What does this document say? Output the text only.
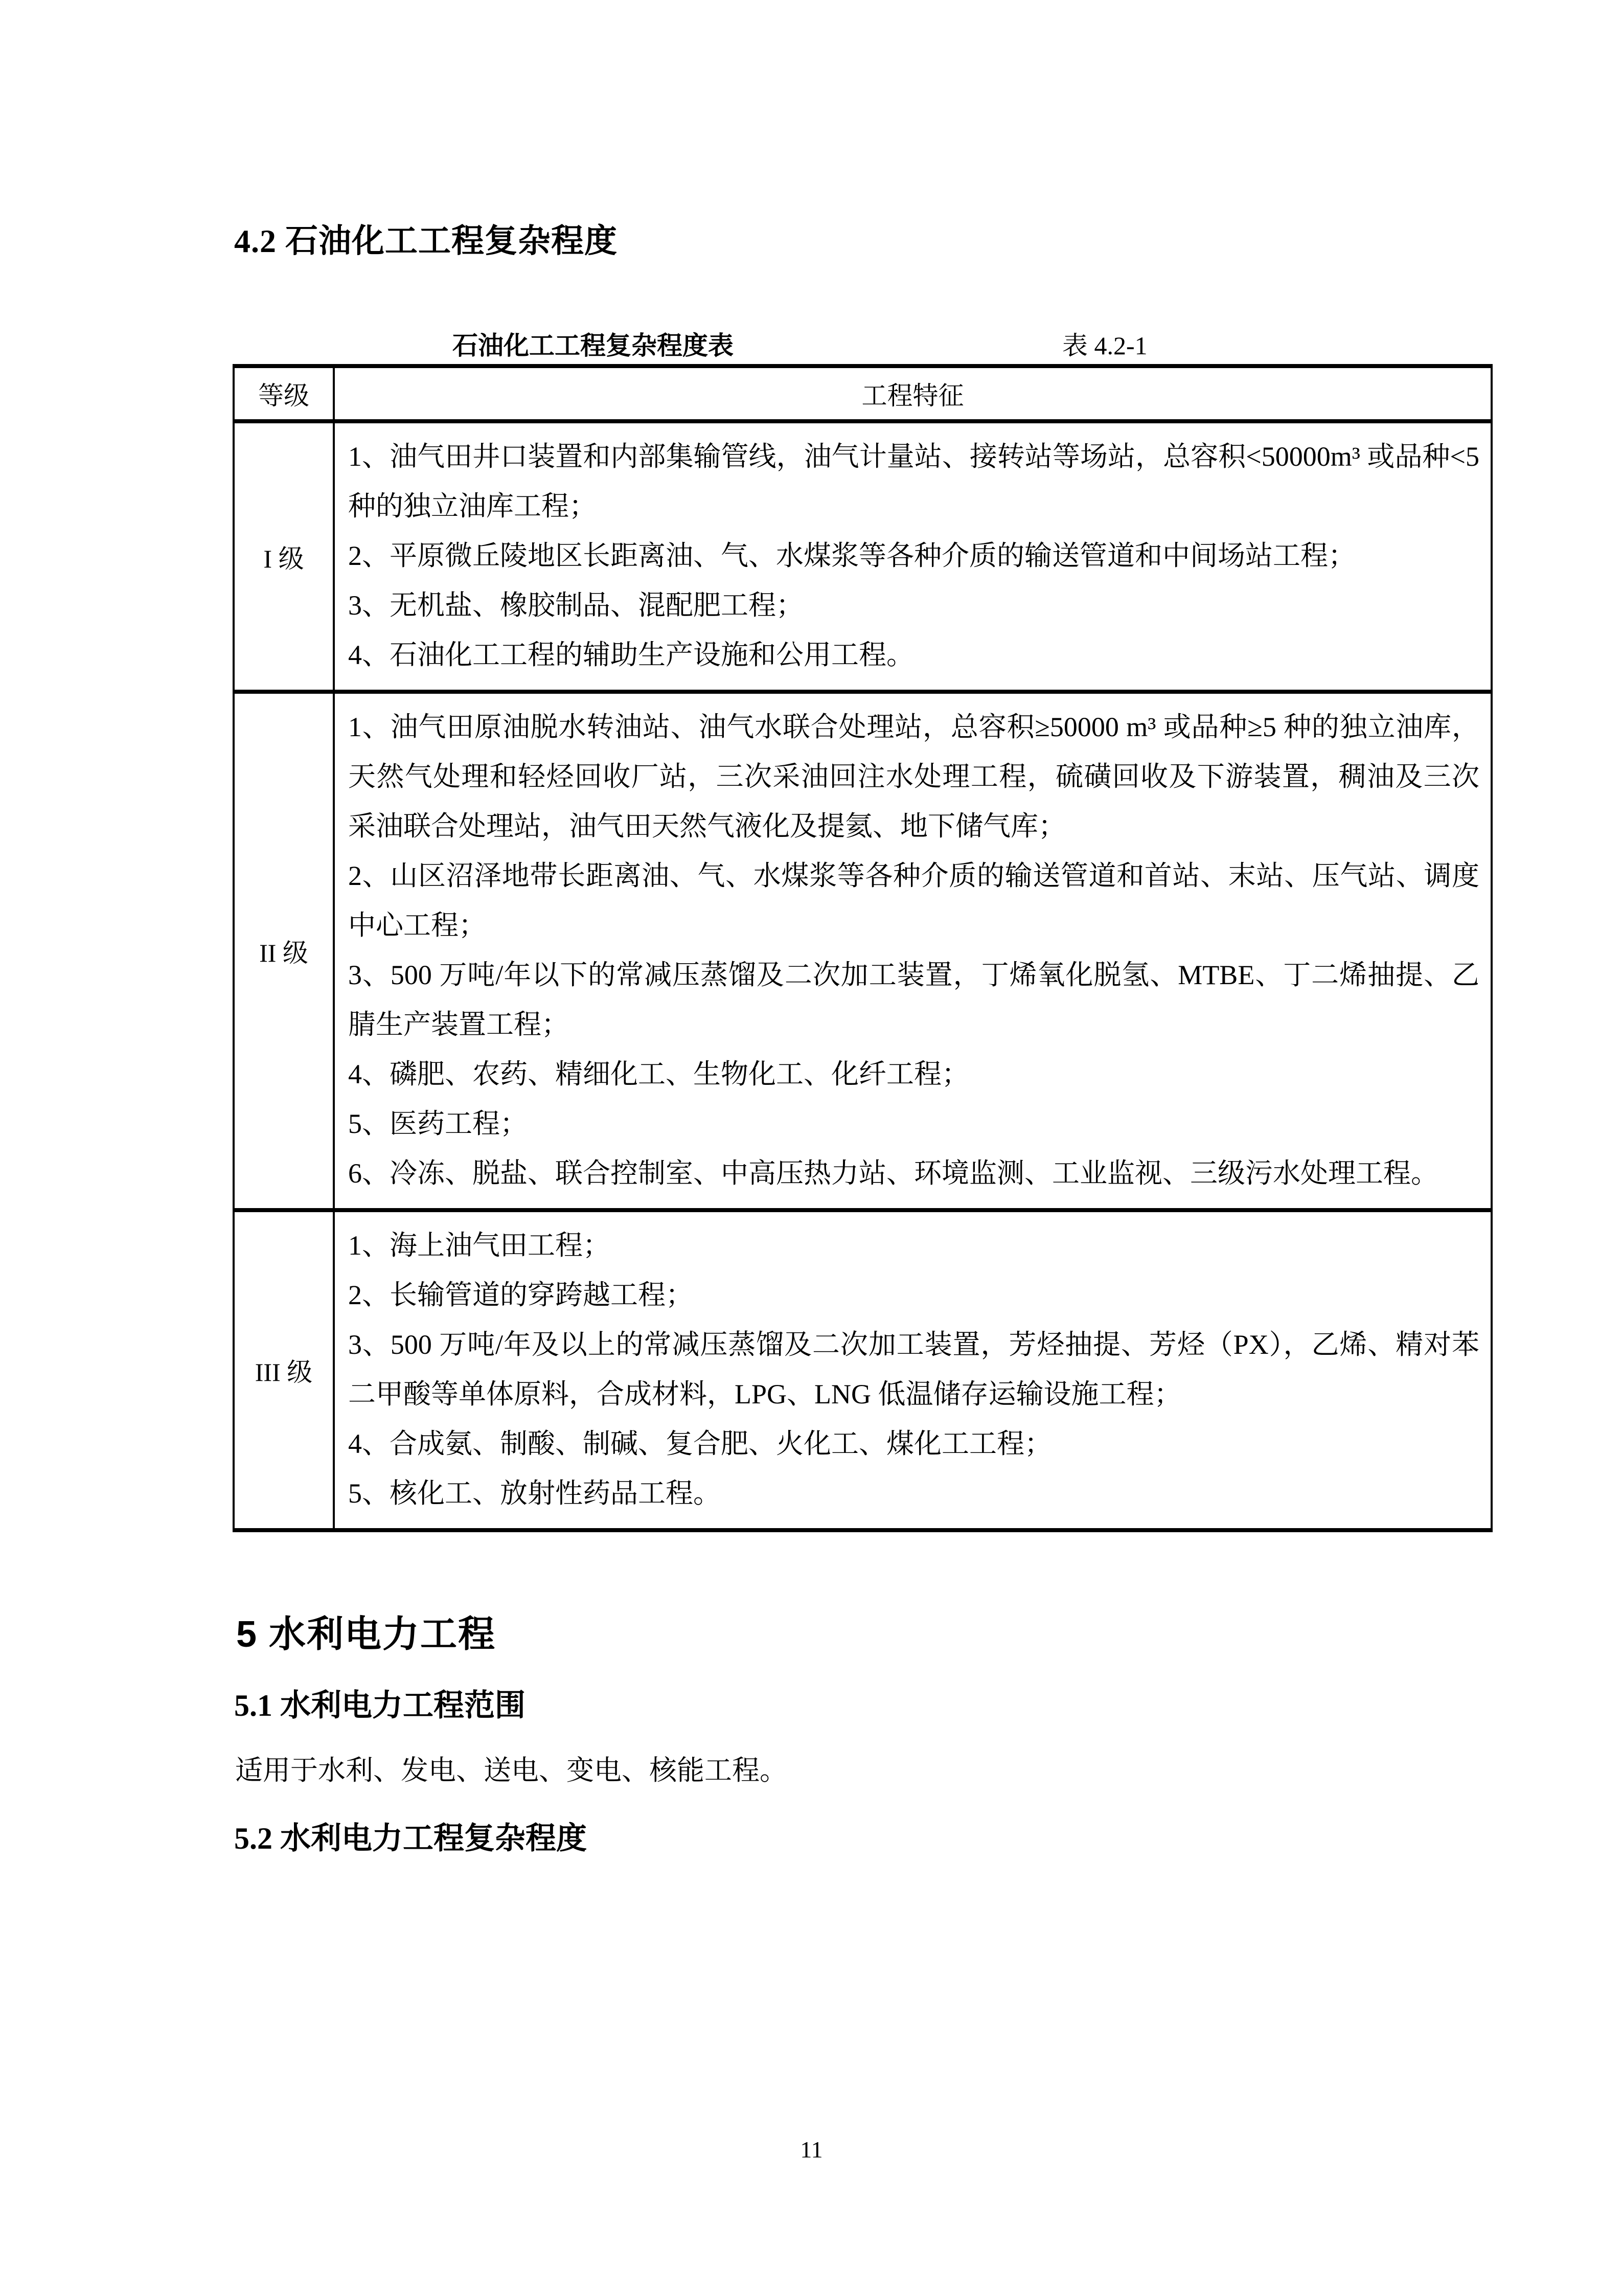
4.2 石油化工工程复杂程度
石油化工工程复杂程度表	表 4.2-1
等级	工程特征
I 级

1、油气田井口装置和内部集输管线，油气计量站、接转站等场站，总容积<50000m³ 或品种<5 种的独立油库工程；

2、平原微丘陵地区长距离油、气、水煤浆等各种介质的输送管道和中间场站工程；

3、无机盐、橡胶制品、混配肥工程；

4、石油化工工程的辅助生产设施和公用工程。

II 级

1、油气田原油脱水转油站、油气水联合处理站，总容积≥50000 m³ 或品种≥5 种的独立油库，天然气处理和轻烃回收厂站，三次采油回注水处理工程，硫磺回收及下游装置，稠油及三次采油联合处理站，油气田天然气液化及提氦、地下储气库；

2、山区沼泽地带长距离油、气、水煤浆等各种介质的输送管道和首站、末站、压气站、调度中心工程；

3、500 万吨/年以下的常减压蒸馏及二次加工装置，丁烯氧化脱氢、MTBE、丁二烯抽提、乙腈生产装置工程；

4、磷肥、农药、精细化工、生物化工、化纤工程；

5、医药工程；

6、冷冻、脱盐、联合控制室、中高压热力站、环境监测、工业监视、三级污水处理工程。

III 级

1、海上油气田工程；

2、长输管道的穿跨越工程；

3、500 万吨/年及以上的常减压蒸馏及二次加工装置，芳烃抽提、芳烃（PX），乙烯、精对苯二甲酸等单体原料，合成材料，LPG、LNG 低温储存运输设施工程；

4、合成氨、制酸、制碱、复合肥、火化工、煤化工工程；

5、核化工、放射性药品工程。

5 水利电力工程
5.1 水利电力工程范围
适用于水利、发电、送电、变电、核能工程。
5.2 水利电力工程复杂程度
11
